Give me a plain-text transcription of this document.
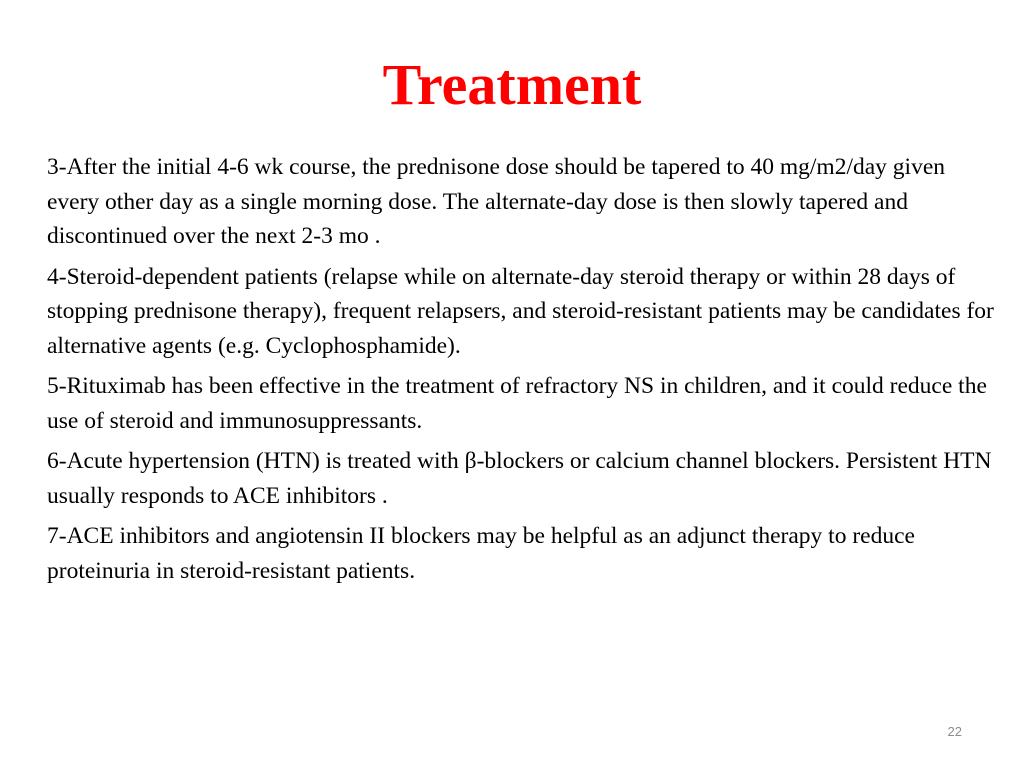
Treatment

3-After the initial 4-6 wk course, the prednisone dose should be tapered to 40 mg/m2/day given every other day as a single morning dose. The alternate-day dose is then slowly tapered and discontinued over the next 2-3 mo .

4-Steroid-dependent patients (relapse while on alternate-day steroid therapy or within 28 days of stopping prednisone therapy), frequent relapsers, and steroid-resistant patients may be candidates for alternative agents (e.g. Cyclophosphamide).

5-Rituximab has been effective in the treatment of refractory NS in children, and it could reduce the use of steroid and immunosuppressants.

6-Acute hypertension (HTN) is treated with β-blockers or calcium channel blockers. Persistent HTN usually responds to ACE inhibitors .

7-ACE inhibitors and angiotensin II blockers may be helpful as an adjunct therapy to reduce proteinuria in steroid-resistant patients.

22
